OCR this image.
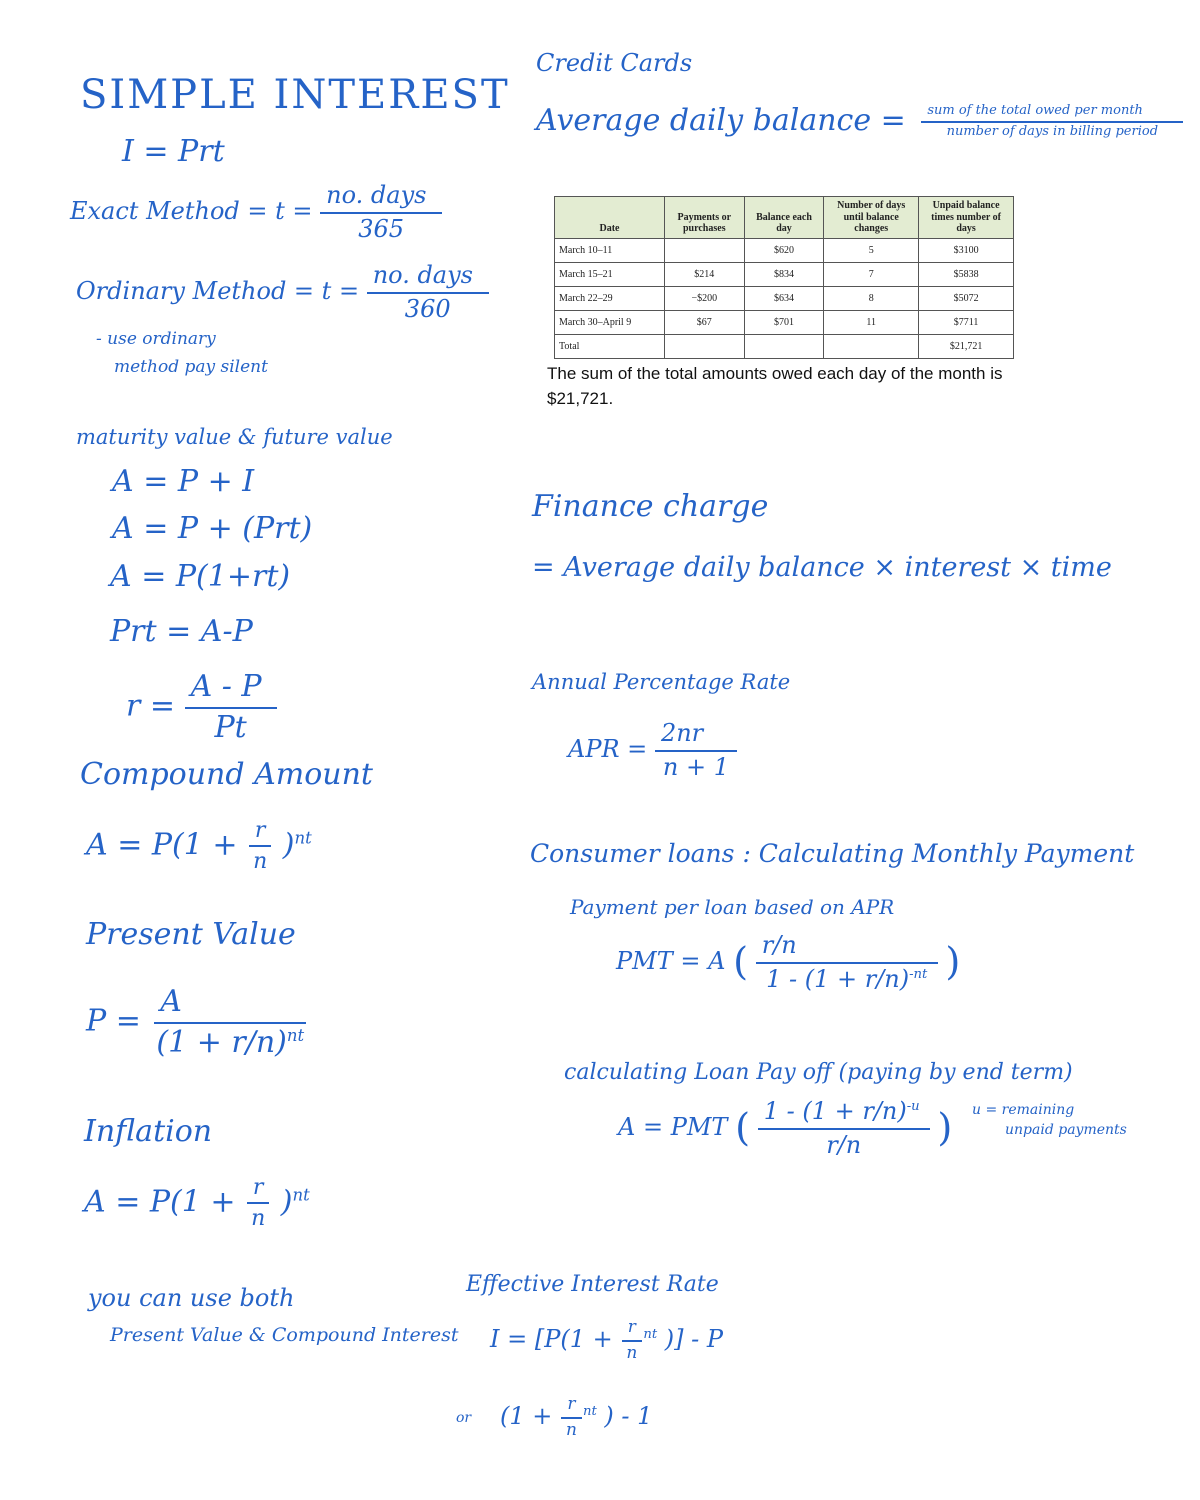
SIMPLE INTEREST
I = Prt
Exact Method = $t = \frac{\text{no. days}}{365}$
Ordinary Method = $t = \frac{\text{no. days}}{360}$
- use ordinary
method pay silent
maturity value & future value
A = P + I
A = P + (Prt)
A = P(1+rt)
Prt = A-P
$r = \frac{A - P}{Pt}$
Compound Amount
$A = P(1 + \frac{r}{n} )^{nt}$
Present Value
$P = \frac{A}{(1 + r/n)^{nt}}$
Inflation
$A = P(1 + \frac{r}{n} )^{nt}$
you can use both
Present Value & Compound Interest
Credit Cards
Average daily balance = $\frac{\text{sum of the total owed per month}}{\text{number of days in billing period}}$
Date	Payments or purchases	Balance each day	Number of days until balance changes	Unpaid balance times number of days
March 10–11		$620	5	$3100
March 15–21	$214	$834	7	$5838
March 22–29	−$200	$634	8	$5072
March 30–April 9	$67	$701	11	$7711
Total				$21,721
The sum of the total amounts owed each day of the month is $21,721.
Finance charge
= Average daily balance × interest × time
Annual Percentage Rate
APR = $\frac{2nr}{n + 1}$
Consumer loans : Calculating Monthly Payment
Payment per loan based on APR
PMT = A ( $\frac{r/n}{1 - (1 + r/n)^{-nt}}$ )
calculating Loan Pay off (paying by end term)
A = PMT ( $\frac{1 - (1 + r/n)^{-u}}{r/n}$ ) u = remaining
unpaid payments
Effective Interest Rate
$I = [P(1 + \frac{r}{n} ^{nt}$ )] - P
or ($1 + \frac{r}{n} ^{nt}$ ) - 1
